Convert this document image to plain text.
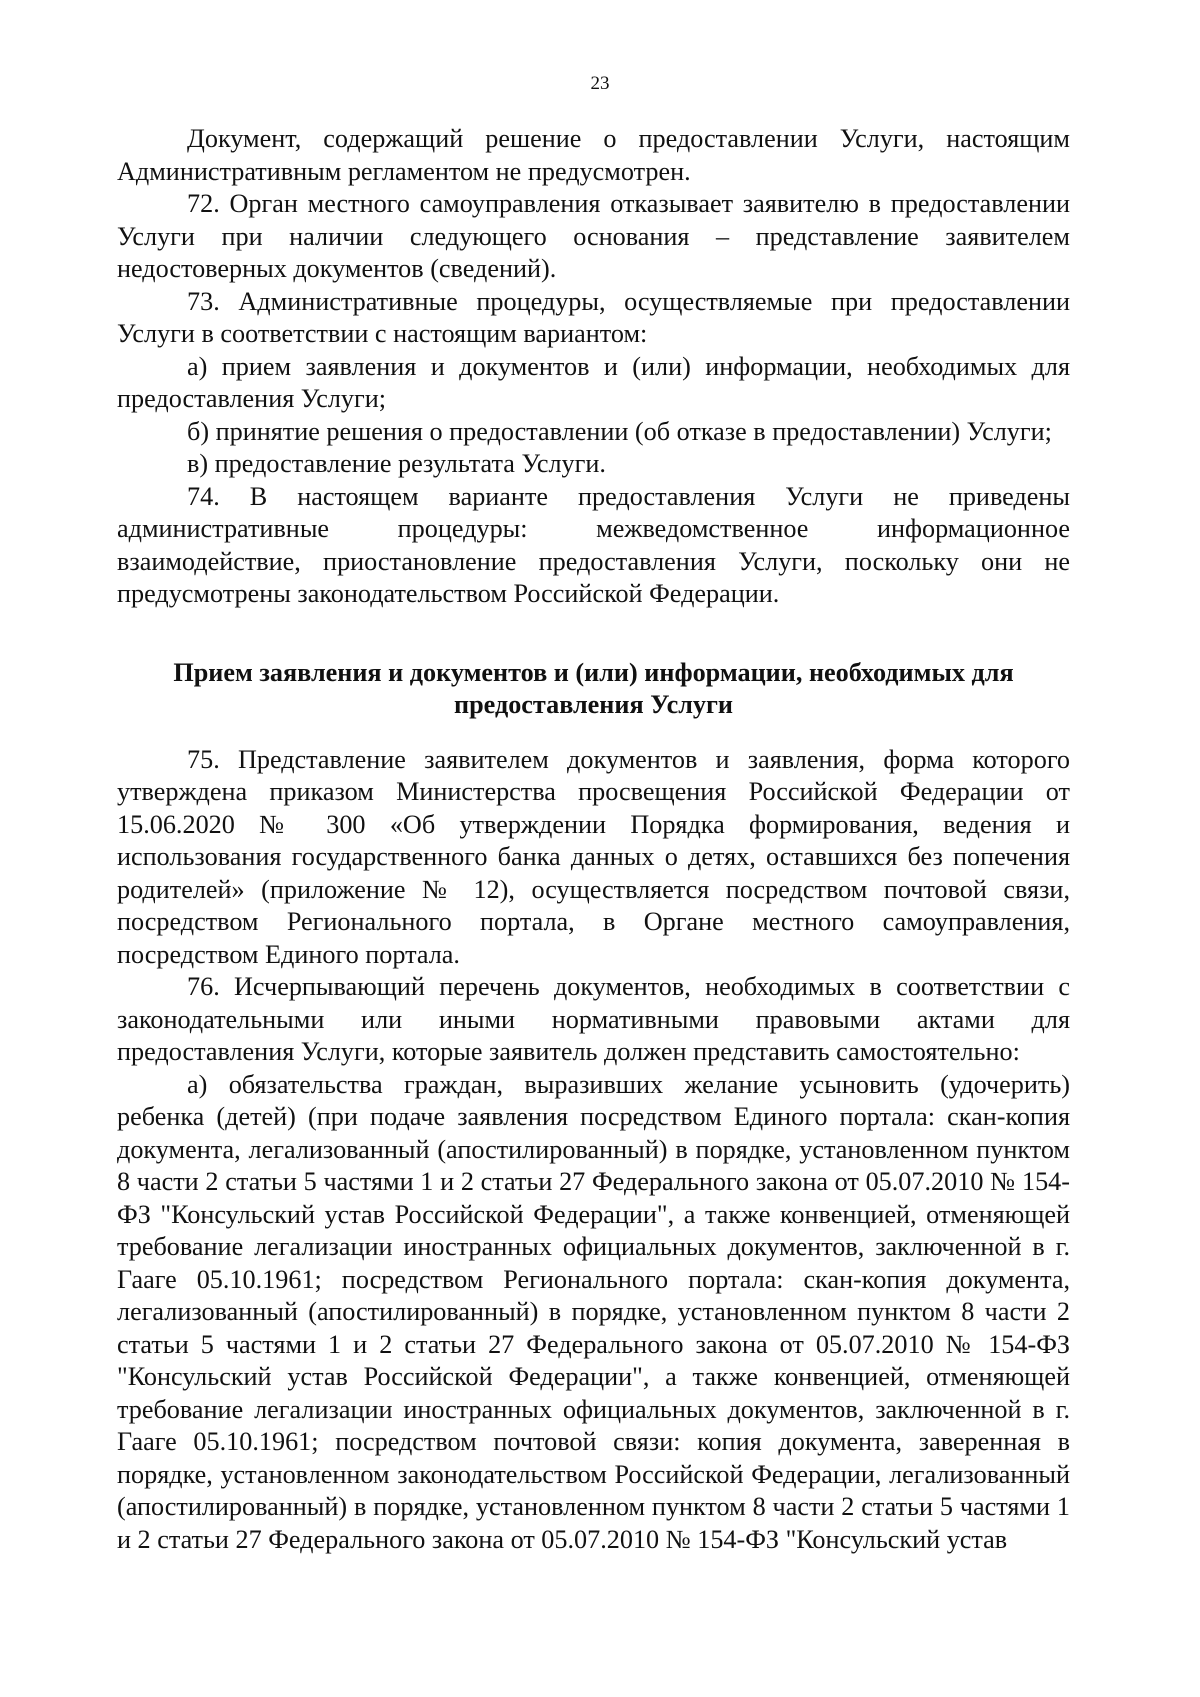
23

Документ, содержащий решение о предоставлении Услуги, настоящим Административным регламентом не предусмотрен.

72. Орган местного самоуправления отказывает заявителю в предоставлении Услуги при наличии следующего основания – представление заявителем недостоверных документов (сведений).

73. Административные процедуры, осуществляемые при предоставлении Услуги в соответствии с настоящим вариантом:

а) прием заявления и документов и (или) информации, необходимых для предоставления Услуги;

б) принятие решения о предоставлении (об отказе в предоставлении) Услуги;

в) предоставление результата Услуги.

74. В настоящем варианте предоставления Услуги не приведены административные процедуры: межведомственное информационное взаимодействие, приостановление предоставления Услуги, поскольку они не предусмотрены законодательством Российской Федерации.

Прием заявления и документов и (или) информации, необходимых для
предоставления Услуги

75. Представление заявителем документов и заявления, форма которого утверждена приказом Министерства просвещения Российской Федерации от 15.06.2020 № 300 «Об утверждении Порядка формирования, ведения и использования государственного банка данных о детях, оставшихся без попечения родителей» (приложение № 12), осуществляется посредством почтовой связи, посредством Регионального портала, в Органе местного самоуправления, посредством Единого портала.

76. Исчерпывающий перечень документов, необходимых в соответствии с законодательными или иными нормативными правовыми актами для предоставления Услуги, которые заявитель должен представить самостоятельно:

а) обязательства граждан, выразивших желание усыновить (удочерить) ребенка (детей) (при подаче заявления посредством Единого портала: скан-копия документа, легализованный (апостилированный) в порядке, установленном пунктом 8 части 2 статьи 5 частями 1 и 2 статьи 27 Федерального закона от 05.07.2010 № 154-ФЗ "Консульский устав Российской Федерации", а также конвенцией, отменяющей требование легализации иностранных официальных документов, заключенной в г. Гааге 05.10.1961; посредством Регионального портала: скан-копия документа, легализованный (апостилированный) в порядке, установленном пунктом 8 части 2 статьи 5 частями 1 и 2 статьи 27 Федерального закона от 05.07.2010 № 154-ФЗ "Консульский устав Российской Федерации", а также конвенцией, отменяющей требование легализации иностранных официальных документов, заключенной в г. Гааге 05.10.1961; посредством почтовой связи: копия документа, заверенная в порядке, установленном законодательством Российской Федерации, легализованный (апостилированный) в порядке, установленном пунктом 8 части 2 статьи 5 частями 1 и 2 статьи 27 Федерального закона от 05.07.2010 № 154-ФЗ "Консульский устав
